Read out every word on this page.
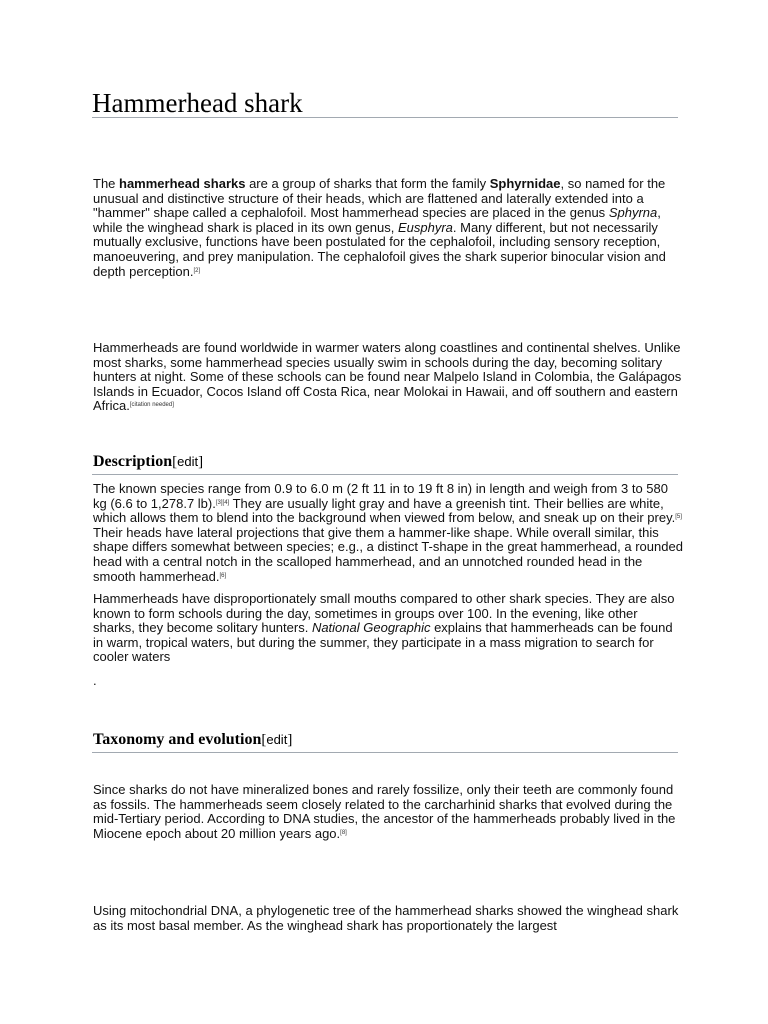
Hammerhead shark

The hammerhead sharks are a group of sharks that form the family Sphyrnidae, so named for the unusual and distinctive structure of their heads, which are flattened and laterally extended into a "hammer" shape called a cephalofoil. Most hammerhead species are placed in the genus Sphyrna, while the winghead shark is placed in its own genus, Eusphyra. Many different, but not necessarily mutually exclusive, functions have been postulated for the cephalofoil, including sensory reception, manoeuvering, and prey manipulation. The cephalofoil gives the shark superior binocular vision and depth perception.[2]

Hammerheads are found worldwide in warmer waters along coastlines and continental shelves. Unlike most sharks, some hammerhead species usually swim in schools during the day, becoming solitary hunters at night. Some of these schools can be found near Malpelo Island in Colombia, the Galápagos Islands in Ecuador, Cocos Island off Costa Rica, near Molokai in Hawaii, and off southern and eastern Africa.[citation needed]

Description[edit]

The known species range from 0.9 to 6.0 m (2 ft 11 in to 19 ft 8 in) in length and weigh from 3 to 580 kg (6.6 to 1,278.7 lb).[3][4] They are usually light gray and have a greenish tint. Their bellies are white, which allows them to blend into the background when viewed from below, and sneak up on their prey.[5] Their heads have lateral projections that give them a hammer-like shape. While overall similar, this shape differs somewhat between species; e.g., a distinct T-shape in the great hammerhead, a rounded head with a central notch in the scalloped hammerhead, and an unnotched rounded head in the smooth hammerhead.[6]

Hammerheads have disproportionately small mouths compared to other shark species. They are also known to form schools during the day, sometimes in groups over 100. In the evening, like other sharks, they become solitary hunters. National Geographic explains that hammerheads can be found in warm, tropical waters, but during the summer, they participate in a mass migration to search for cooler waters

.

Taxonomy and evolution[edit]

Since sharks do not have mineralized bones and rarely fossilize, only their teeth are commonly found as fossils. The hammerheads seem closely related to the carcharhinid sharks that evolved during the mid-Tertiary period. According to DNA studies, the ancestor of the hammerheads probably lived in the Miocene epoch about 20 million years ago.[8]

Using mitochondrial DNA, a phylogenetic tree of the hammerhead sharks showed the winghead shark as its most basal member. As the winghead shark has proportionately the largest
